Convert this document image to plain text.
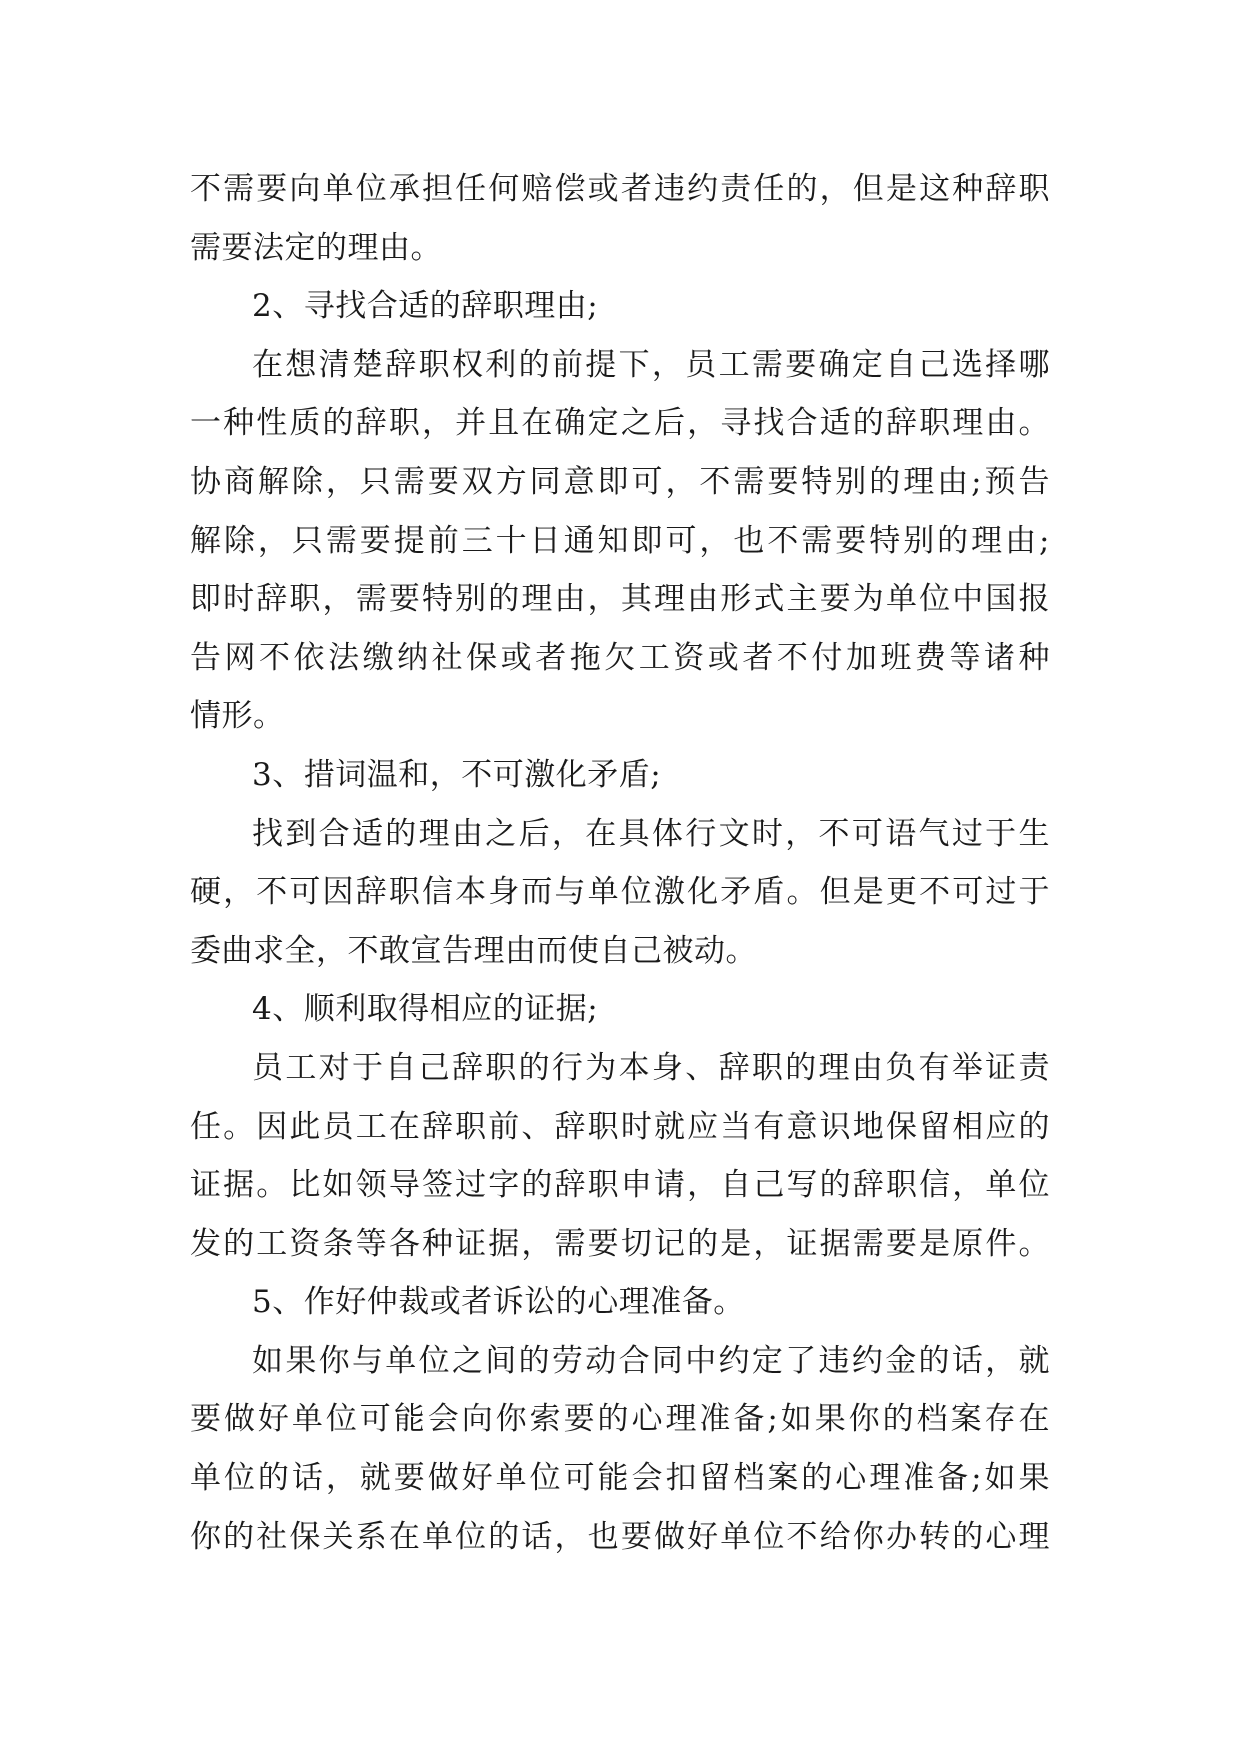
不需要向单位承担任何赔偿或者违约责任的，但是这种辞职
需要法定的理由。
2、寻找合适的辞职理由;
在想清楚辞职权利的前提下，员工需要确定自己选择哪
一种性质的辞职，并且在确定之后，寻找合适的辞职理由。
协商解除，只需要双方同意即可，不需要特别的理由;预告
解除，只需要提前三十日通知即可，也不需要特别的理由;
即时辞职，需要特别的理由，其理由形式主要为单位中国报
告网不依法缴纳社保或者拖欠工资或者不付加班费等诸种
情形。
3、措词温和，不可激化矛盾;
找到合适的理由之后，在具体行文时，不可语气过于生
硬，不可因辞职信本身而与单位激化矛盾。但是更不可过于
委曲求全，不敢宣告理由而使自己被动。
4、顺利取得相应的证据;
员工对于自己辞职的行为本身、辞职的理由负有举证责
任。因此员工在辞职前、辞职时就应当有意识地保留相应的
证据。比如领导签过字的辞职申请，自己写的辞职信，单位
发的工资条等各种证据，需要切记的是，证据需要是原件。
5、作好仲裁或者诉讼的心理准备。
如果你与单位之间的劳动合同中约定了违约金的话，就
要做好单位可能会向你索要的心理准备;如果你的档案存在
单位的话，就要做好单位可能会扣留档案的心理准备;如果
你的社保关系在单位的话，也要做好单位不给你办转的心理
